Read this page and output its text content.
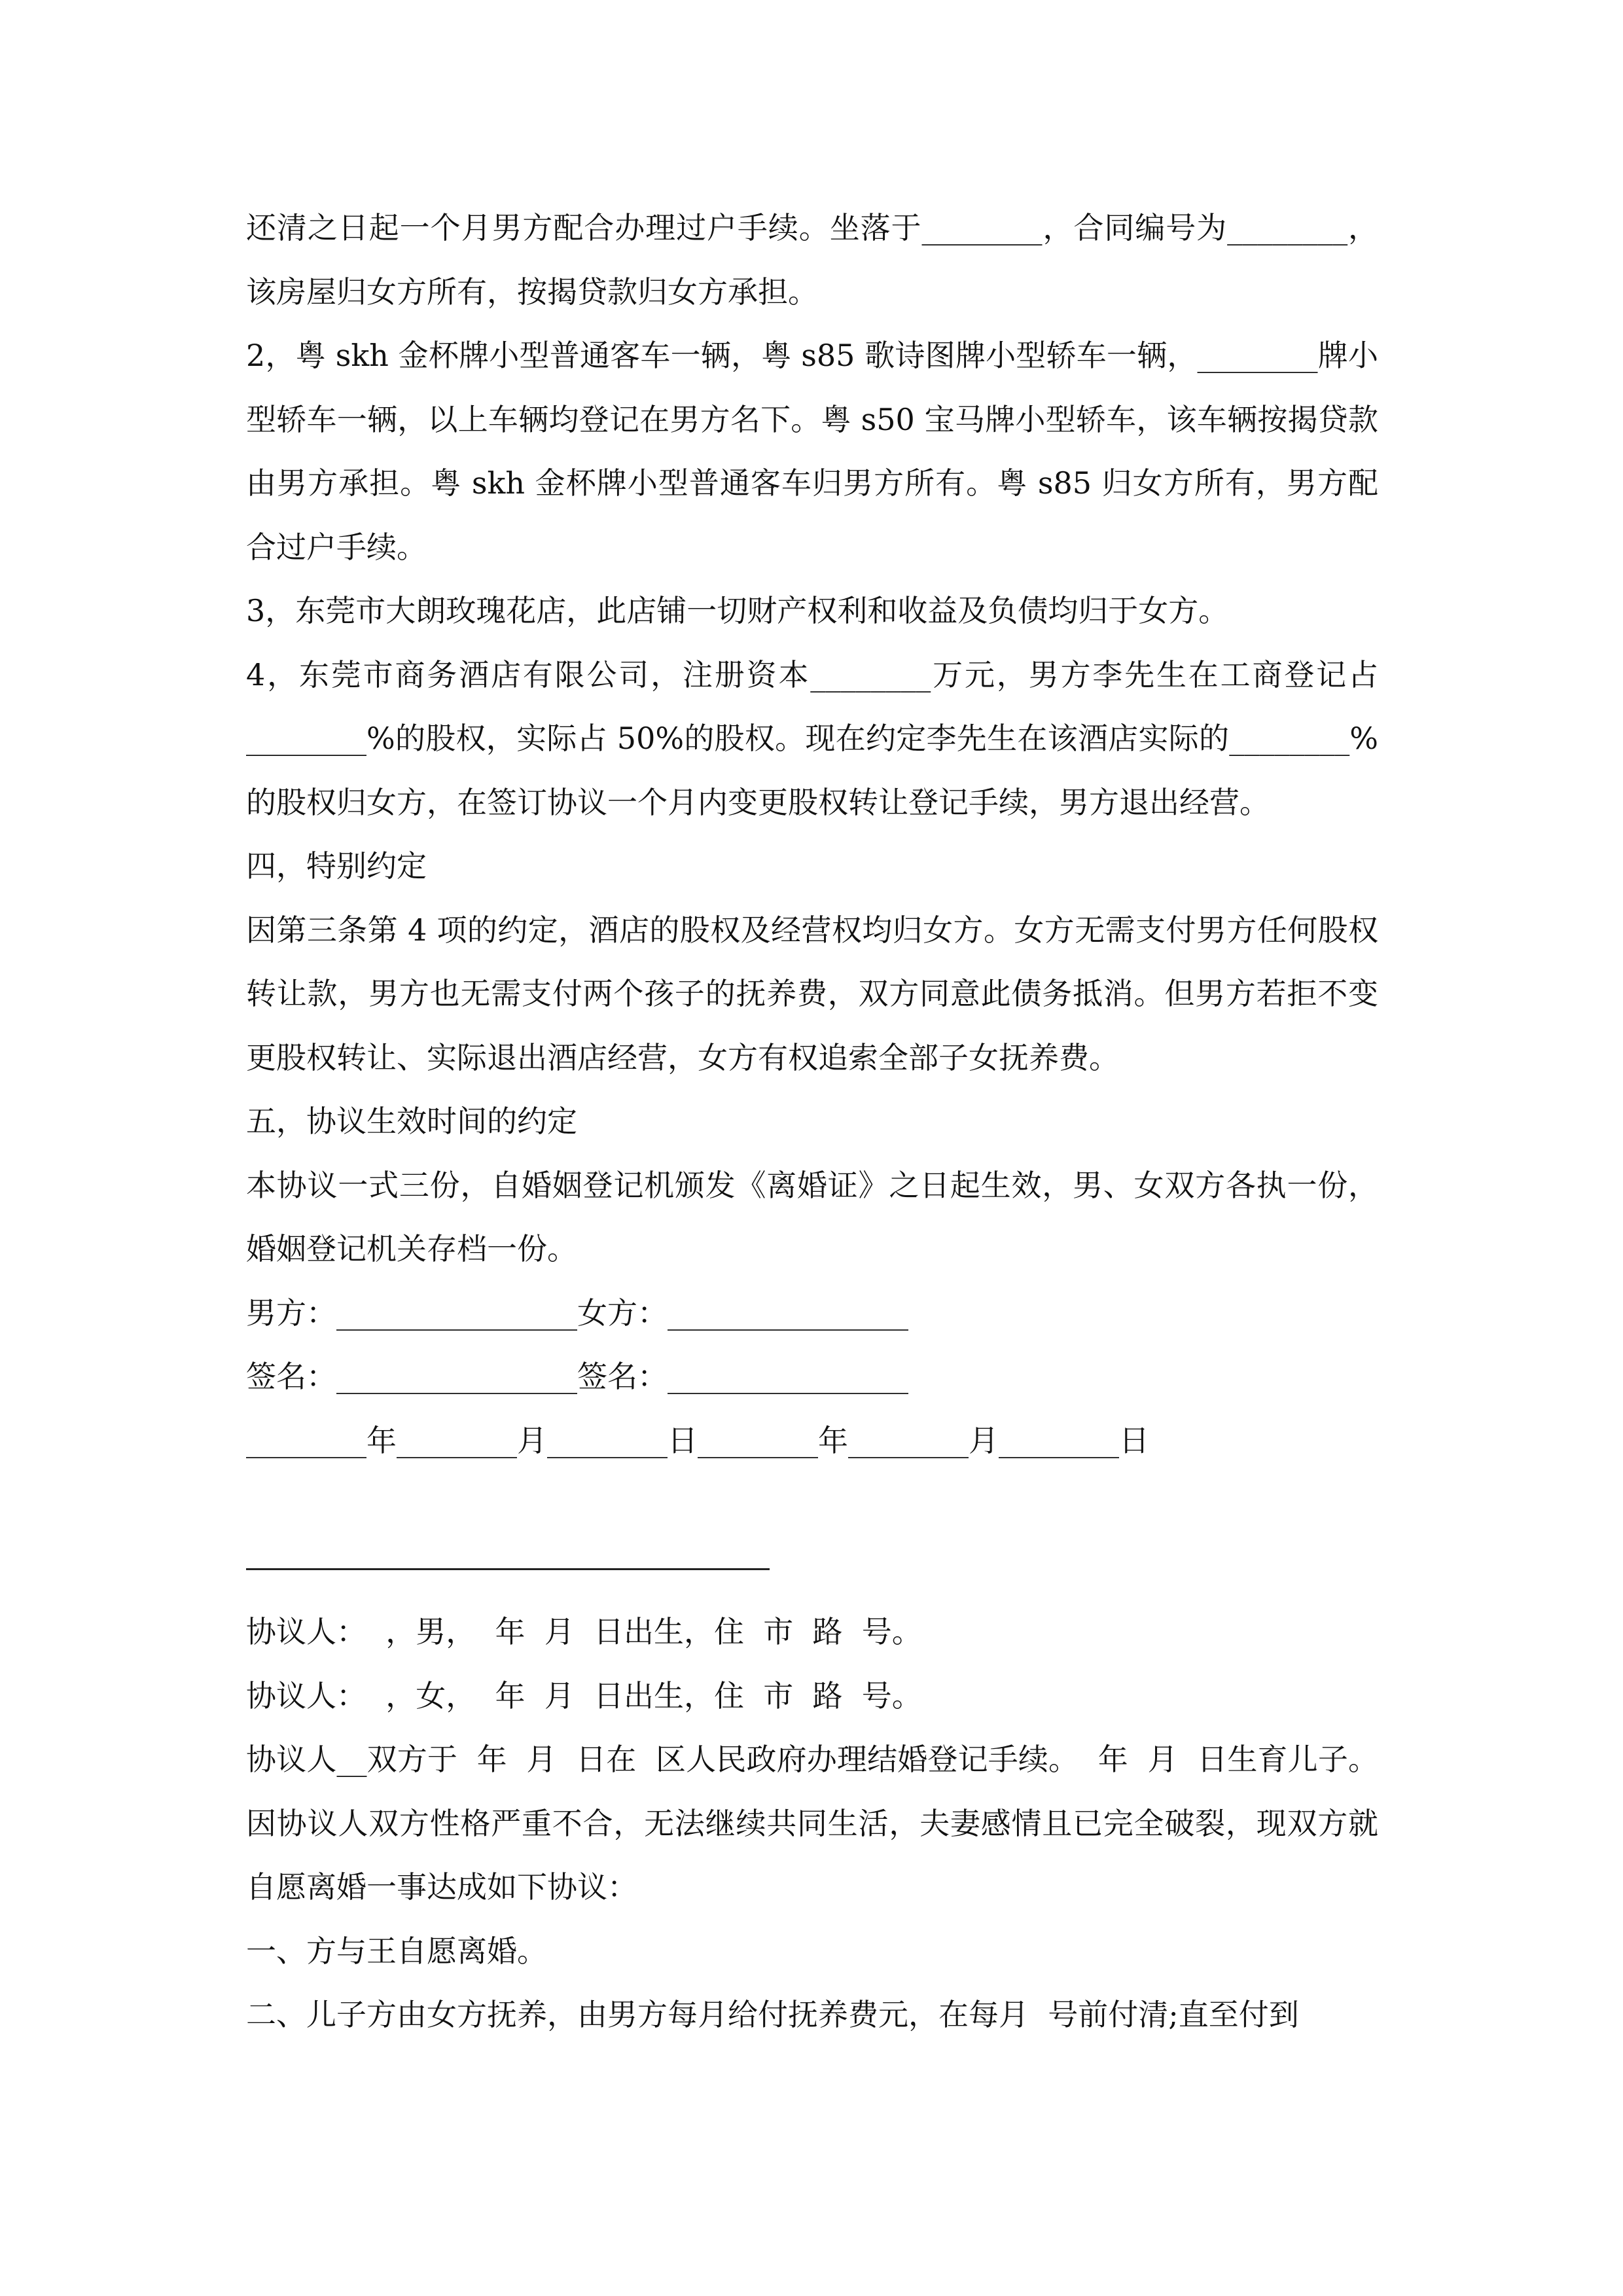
还清之日起一个月男方配合办理过户手续。坐落于________，合同编号为________，该房屋归女方所有，按揭贷款归女方承担。

2，粤 skh 金杯牌小型普通客车一辆，粤 s85 歌诗图牌小型轿车一辆，________牌小型轿车一辆，以上车辆均登记在男方名下。粤 s50 宝马牌小型轿车，该车辆按揭贷款由男方承担。粤 skh 金杯牌小型普通客车归男方所有。粤 s85 归女方所有，男方配合过户手续。

3，东莞市大朗玫瑰花店，此店铺一切财产权利和收益及负债均归于女方。

4，东莞市商务酒店有限公司，注册资本________万元，男方李先生在工商登记占________%的股权，实际占 50%的股权。现在约定李先生在该酒店实际的________%的股权归女方，在签订协议一个月内变更股权转让登记手续，男方退出经营。

四，特别约定

因第三条第 4 项的约定，酒店的股权及经营权均归女方。女方无需支付男方任何股权转让款，男方也无需支付两个孩子的抚养费，双方同意此债务抵消。但男方若拒不变更股权转让、实际退出酒店经营，女方有权追索全部子女抚养费。

五，协议生效时间的约定

本协议一式三份，自婚姻登记机颁发《离婚证》之日起生效，男、女双方各执一份，婚姻登记机关存档一份。

男方：________________女方：________________

签名：________________签名：________________

________年________月________日________年________月________日

协议人：  ，男，  年  月  日出生，住  市  路  号。

协议人：  ，女，  年  月  日出生，住  市  路  号。

协议人__双方于  年  月  日在  区人民政府办理结婚登记手续。  年  月  日生育儿子。因协议人双方性格严重不合，无法继续共同生活，夫妻感情且已完全破裂，现双方就自愿离婚一事达成如下协议：

一、方与王自愿离婚。

二、儿子方由女方抚养，由男方每月给付抚养费元，在每月  号前付清;直至付到
